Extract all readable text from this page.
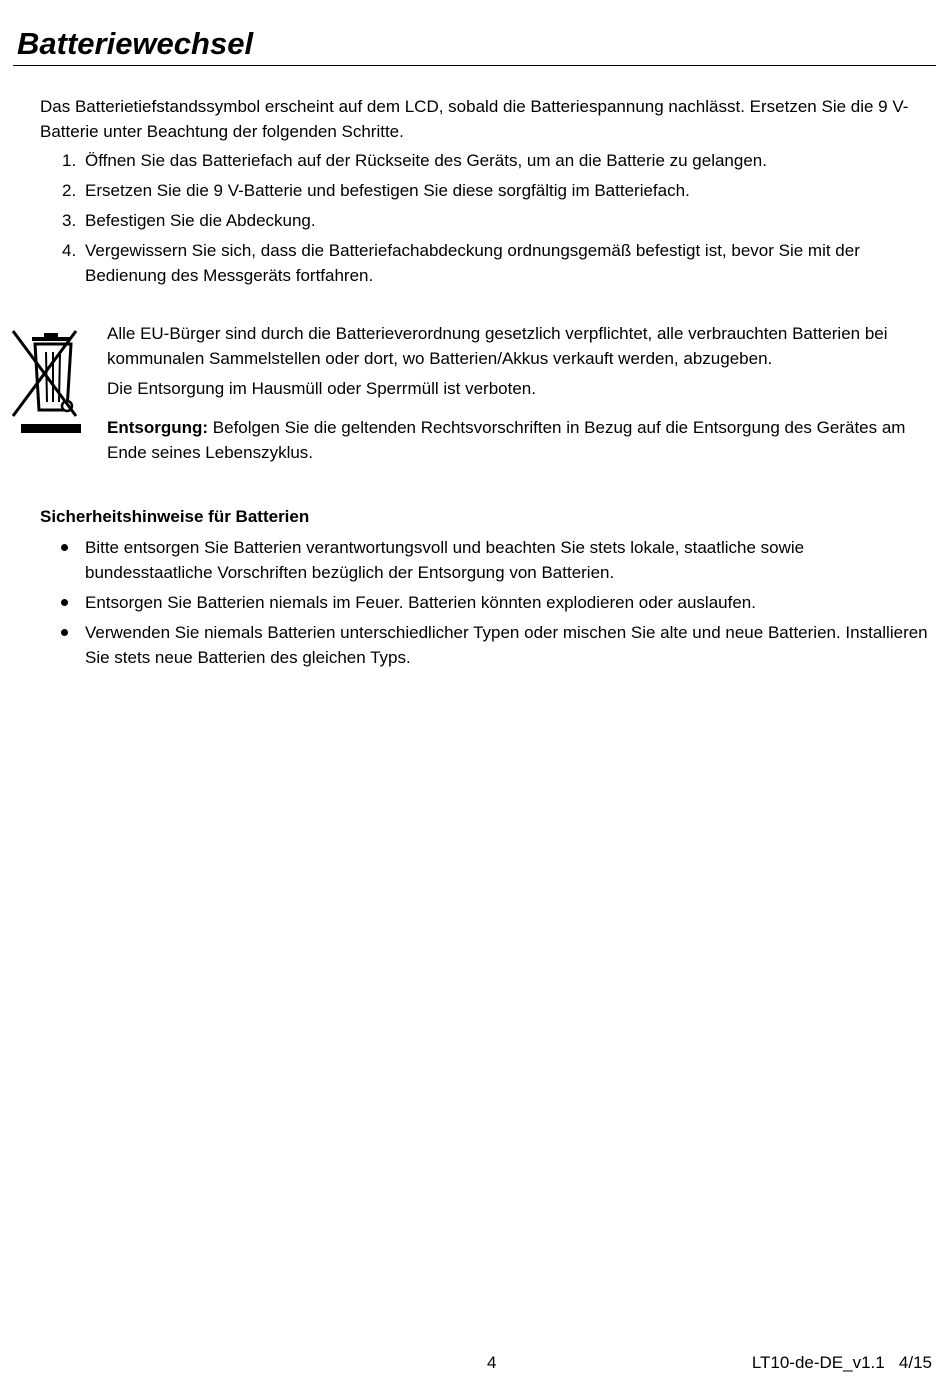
Batteriewechsel

Das Batterietiefstandssymbol erscheint auf dem LCD, sobald die Batteriespannung nachlässt. Ersetzen Sie die 9 V-Batterie unter Beachtung der folgenden Schritte.

1. Öffnen Sie das Batteriefach auf der Rückseite des Geräts, um an die Batterie zu gelangen.
2. Ersetzen Sie die 9 V-Batterie und befestigen Sie diese sorgfältig im Batteriefach.
3. Befestigen Sie die Abdeckung.
4. Vergewissern Sie sich, dass die Batteriefachabdeckung ordnungsgemäß befestigt ist, bevor Sie mit der Bedienung des Messgeräts fortfahren.

Alle EU-Bürger sind durch die Batterieverordnung gesetzlich verpflichtet, alle verbrauchten Batterien bei kommunalen Sammelstellen oder dort, wo Batterien/Akkus verkauft werden, abzugeben.

Die Entsorgung im Hausmüll oder Sperrmüll ist verboten.

Entsorgung: Befolgen Sie die geltenden Rechtsvorschriften in Bezug auf die Entsorgung des Gerätes am Ende seines Lebenszyklus.

Sicherheitshinweise für Batterien

Bitte entsorgen Sie Batterien verantwortungsvoll und beachten Sie stets lokale, staatliche sowie bundesstaatliche Vorschriften bezüglich der Entsorgung von Batterien.
Entsorgen Sie Batterien niemals im Feuer. Batterien könnten explodieren oder auslaufen.
Verwenden Sie niemals Batterien unterschiedlicher Typen oder mischen Sie alte und neue Batterien. Installieren Sie stets neue Batterien des gleichen Typs.
4	LT10-de-DE_v1.1   4/15
